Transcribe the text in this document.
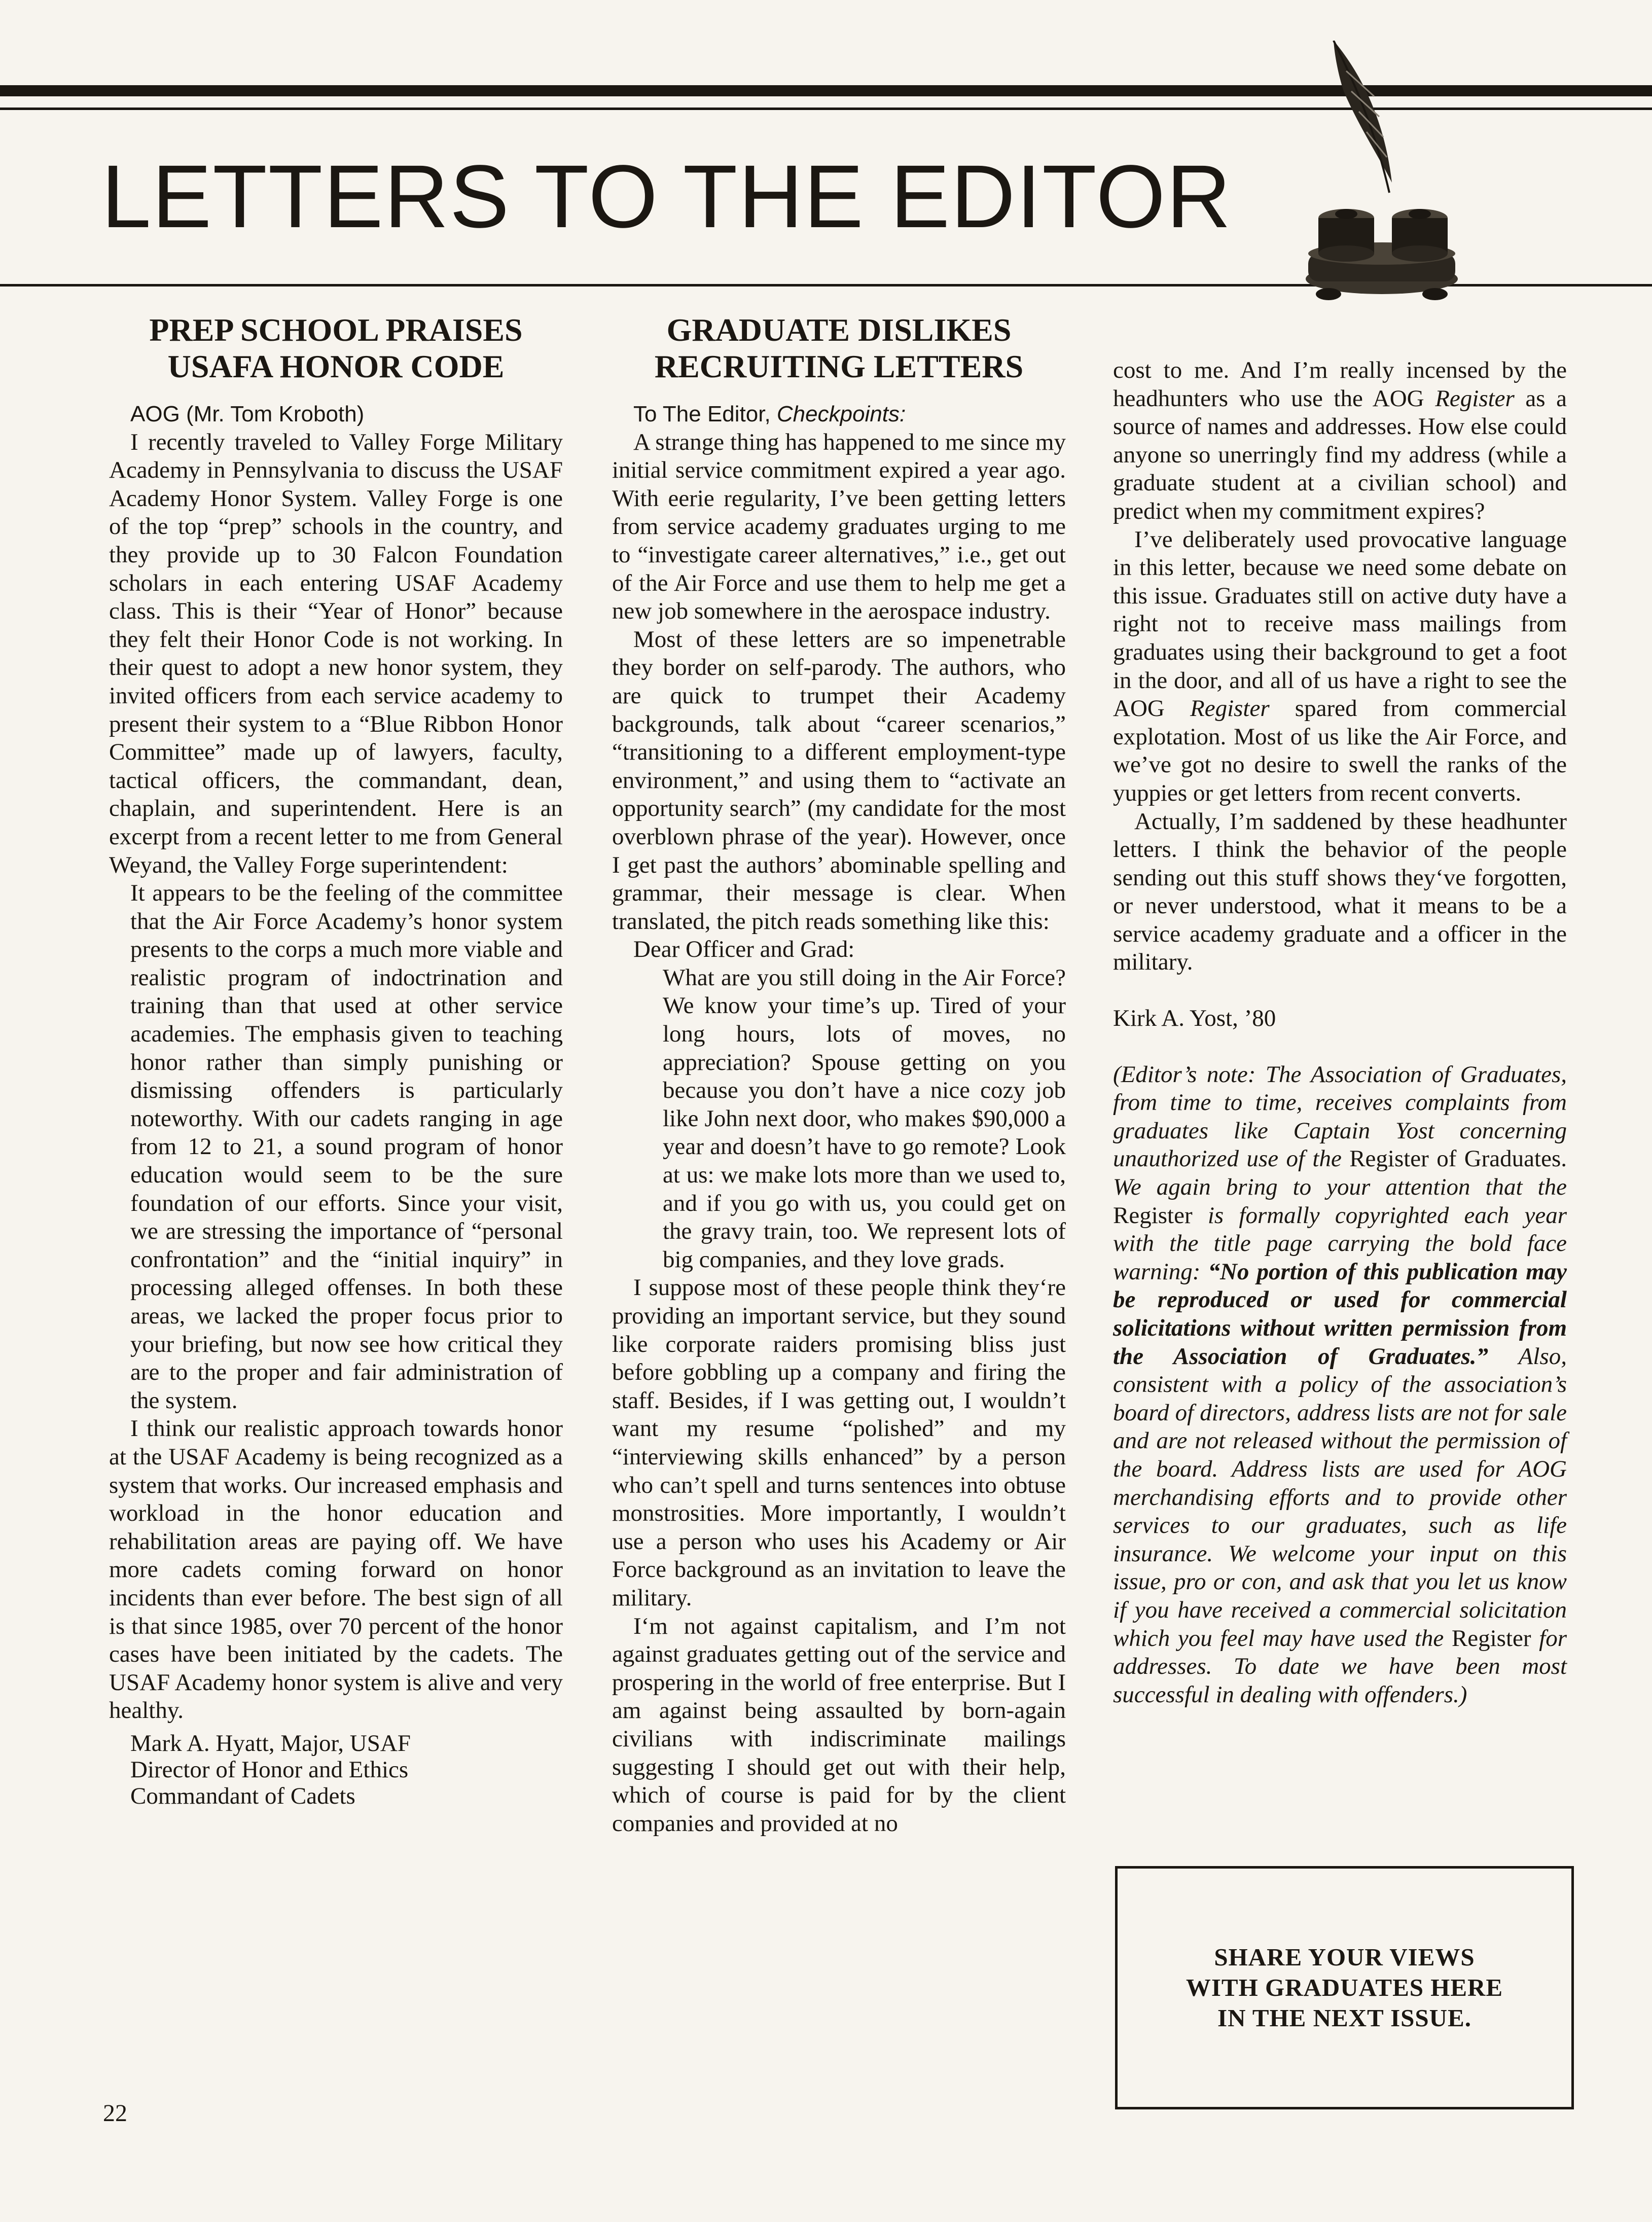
LETTERS TO THE EDITOR
PREP SCHOOL PRAISES
USAFA HONOR CODE

AOG (Mr. Tom Kroboth)

I recently traveled to Valley Forge Military Academy in Pennsylvania to discuss the USAF Academy Honor System. Valley Forge is one of the top “prep” schools in the country, and they provide up to 30 Falcon Foundation scholars in each entering USAF Academy class. This is their “Year of Honor” because they felt their Honor Code is not working. In their quest to adopt a new honor system, they invited officers from each service academy to present their system to a “Blue Ribbon Honor Committee” made up of lawyers, faculty, tactical officers, the commandant, dean, chaplain, and superintendent. Here is an excerpt from a recent letter to me from General Weyand, the Valley Forge superintendent:

It appears to be the feeling of the committee that the Air Force Academy’s honor system presents to the corps a much more viable and realistic program of indoctrination and training than that used at other service academies. The emphasis given to teaching honor rather than simply punishing or dismissing offenders is particularly noteworthy. With our cadets ranging in age from 12 to 21, a sound program of honor education would seem to be the sure foundation of our efforts. Since your visit, we are stressing the importance of “personal confrontation” and the “initial inquiry” in processing alleged offenses. In both these areas, we lacked the proper focus prior to your briefing, but now see how critical they are to the proper and fair administration of the system.

I think our realistic approach towards honor at the USAF Academy is being recognized as a system that works. Our increased emphasis and workload in the honor education and rehabilitation areas are paying off. We have more cadets coming forward on honor incidents than ever before. The best sign of all is that since 1985, over 70 percent of the honor cases have been initiated by the cadets. The USAF Academy honor system is alive and very healthy.

Mark A. Hyatt, Major, USAF
Director of Honor and Ethics
Commandant of Cadets
GRADUATE DISLIKES
RECRUITING LETTERS

To The Editor, Checkpoints:

A strange thing has happened to me since my initial service commitment expired a year ago. With eerie regularity, I’ve been getting letters from service academy graduates urging to me to “investigate career alternatives,” i.e., get out of the Air Force and use them to help me get a new job somewhere in the aerospace industry.

Most of these letters are so impenetrable they border on self-parody. The authors, who are quick to trumpet their Academy backgrounds, talk about “career scenarios,” “transitioning to a different employment-type environment,” and using them to “activate an opportunity search” (my candidate for the most overblown phrase of the year). However, once I get past the authors’ abominable spelling and grammar, their message is clear. When translated, the pitch reads something like this:

Dear Officer and Grad:

What are you still doing in the Air Force? We know your time’s up. Tired of your long hours, lots of moves, no appreciation? Spouse getting on you because you don’t have a nice cozy job like John next door, who makes $90,000 a year and doesn’t have to go remote? Look at us: we make lots more than we used to, and if you go with us, you could get on the gravy train, too. We represent lots of big companies, and they love grads.

I suppose most of these people think they‘re providing an important service, but they sound like corporate raiders promising bliss just before gobbling up a company and firing the staff. Besides, if I was getting out, I wouldn’t want my resume “polished” and my “interviewing skills enhanced” by a person who can’t spell and turns sentences into obtuse monstrosities. More importantly, I wouldn’t use a person who uses his Academy or Air Force background as an invitation to leave the military.

I‘m not against capitalism, and I’m not against graduates getting out of the service and prospering in the world of free enterprise. But I am against being assaulted by born-again civilians with indiscriminate mailings suggesting I should get out with their help, which of course is paid for by the client companies and provided at no

cost to me. And I’m really incensed by the headhunters who use the AOG Register as a source of names and addresses. How else could anyone so unerringly find my address (while a graduate student at a civilian school) and predict when my commitment expires?

I’ve deliberately used provocative language in this letter, because we need some debate on this issue. Graduates still on active duty have a right not to receive mass mailings from graduates using their background to get a foot in the door, and all of us have a right to see the AOG Register spared from commercial explotation. Most of us like the Air Force, and we’ve got no desire to swell the ranks of the yuppies or get letters from recent converts.

Actually, I’m saddened by these headhunter letters. I think the behavior of the people sending out this stuff shows they‘ve forgotten, or never understood, what it means to be a service academy graduate and a officer in the military.

Kirk A. Yost, ’80

(Editor’s note: The Association of Graduates, from time to time, receives complaints from graduates like Captain Yost concerning unauthorized use of the Register of Graduates. We again bring to your attention that the Register is formally copyrighted each year with the title page carrying the bold face warning: “No portion of this publication may be reproduced or used for commercial solicitations without written permission from the Association of Graduates.” Also, consistent with a policy of the association’s board of directors, address lists are not for sale and are not released without the permission of the board. Address lists are used for AOG merchandising efforts and to provide other services to our graduates, such as life insurance. We welcome your input on this issue, pro or con, and ask that you let us know if you have received a commercial solicitation which you feel may have used the Register for addresses. To date we have been most successful in dealing with offenders.)

SHARE YOUR VIEWS
WITH GRADUATES HERE
IN THE NEXT ISSUE.
22
